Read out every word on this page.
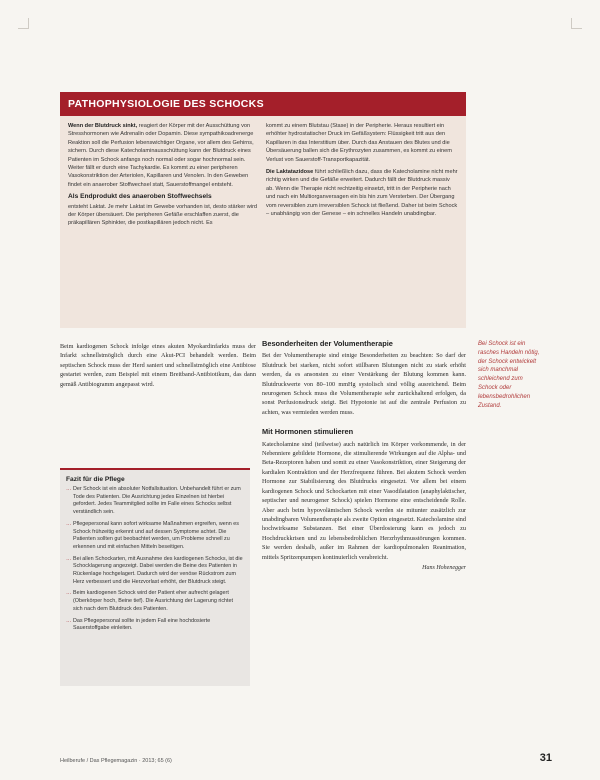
PATHOPHYSIOLOGIE DES SCHOCKS

Wenn der Blutdruck sinkt, reagiert der Körper mit der Ausschüttung von Stresshormonen wie Adrenalin oder Dopamin. Diese sympathikoadrenerge Reaktion soll die Perfusion lebenswichtiger Organe, vor allem des Gehirns, sichern. Durch diese Katecholaminausschüttung kann der Blutdruck eines Patienten im Schock anfangs noch normal oder sogar hochnormal sein. Weiter fällt er durch eine Tachykardie. Es kommt zu einer peripheren Vasokonstriktion der Arteriolen, Kapillaren und Venolen. In den Geweben findet ein anaerober Stoffwechsel statt, Sauerstoffmangel entsteht.

Als Endprodukt des anaeroben Stoffwechsels

entsteht Laktat. Je mehr Laktat im Gewebe vorhanden ist, desto stärker wird der Körper übersäuert. Die peripheren Gefäße erschlaffen zuerst, die präkapillären Sphinkter, die postkapillären jedoch nicht. Es

kommt zu einem Blutstau (Stase) in der Peripherie. Heraus resultiert ein erhöhter hydrostatischer Druck im Gefäßsystem: Flüssigkeit tritt aus den Kapillaren in das Interstitium über. Durch das Anstauen des Blutes und die Übersäuerung ballen sich die Erythrozyten zusammen, es kommt zu einem Verlust von Sauerstoff-Transportkapazität.

Die Laktatazidose führt schließlich dazu, dass die Katecholamine nicht mehr richtig wirken und die Gefäße erweitert. Dadurch fällt der Blutdruck massiv ab. Wenn die Therapie nicht rechtzeitig einsetzt, tritt in der Peripherie nach und nach ein Multiorganversagen ein bis hin zum Versterben. Der Übergang vom reversiblen zum irreversiblen Schock ist fließend. Daher ist beim Schock – unabhängig von der Genese – ein schnelles Handeln unabdingbar.

Beim kardiogenen Schock infolge eines akuten Myokardinfarkts muss der Infarkt schnellstmöglich durch eine Akut-PCI behandelt werden. Beim septischen Schock muss der Herd saniert und schnellstmöglich eine Antibiose gestartet werden, zum Beispiel mit einem Breitband-Antibiotikum, das dann gemäß Antibiogramm angepasst wird.

Besonderheiten der Volumentherapie

Bei der Volumentherapie sind einige Besonderheiten zu beachten: So darf der Blutdruck bei starken, nicht sofort stillbaren Blutungen nicht zu stark erhöht werden, da es ansonsten zu einer Verstärkung der Blutung kommen kann. Blutdruckwerte von 80–100 mmHg systolisch sind völlig ausreichend. Beim neurogenen Schock muss die Volumentherapie sehr zurückhaltend erfolgen, da sonst Perfusionsdruck steigt. Bei Hypotonie ist auf die zentrale Perfusion zu achten, was vermieden werden muss.

Mit Hormonen stimulieren

Katecholamine sind (teilweise) auch natürlich im Körper vorkommende, in der Nebenniere gebildete Hormone, die stimulierende Wirkungen auf die Alpha- und Beta-Rezeptoren haben und somit zu einer Vasokonstriktion, einer Steigerung der kardialen Kontraktion und der Herzfrequenz führen. Bei akutem Schock werden Hormone zur Stabilisierung des Blutdrucks eingesetzt. Vor allem bei einem kardiogenen Schock und Schockarten mit einer Vasodilatation (anaphylaktischer, septischer und neurogener Schock) spielen Hormone eine entscheidende Rolle. Aber auch beim hypovolämischen Schock werden sie mitunter zusätzlich zur unabdingbaren Volumentherapie als zweite Option eingesetzt. Katecholamine sind hochwirksame Substanzen. Bei einer Überdosierung kann es jedoch zu Hochdruckkrisen und zu lebensbedrohlichen Herzrhythmusstörungen kommen. Sie werden deshalb, außer im Rahmen der kardiopulmonalen Reanimation, mittels Spritzenpumpen kontinuierlich verabreicht.

Hans Hohenegger
Bei Schock ist ein rasches Handeln nötig, der Schock entwickelt sich manchmal schleichend zum Schock oder lebensbedrohlichen Zustand.
Fazit für die Pflege
… Der Schock ist ein absoluter Notfallsituation. Unbehandelt führt er zum Tode des Patienten. Die Ausrichtung jedes Einzelnen ist hierbei gefordert. Jedes Teammitglied sollte im Falle eines Schocks selbst verständlich sein.
… Pflegepersonal kann sofort wirksame Maßnahmen ergreifen, wenn es Schock frühzeitig erkennt und auf dessen Symptome achtet. Die Patienten sollten gut beobachtet werden, um Probleme schnell zu erkennen und mit einfachen Mitteln beseitigen.
… Bei allen Schockarten, mit Ausnahme des kardiogenen Schocks, ist die Schocklagerung angezeigt. Dabei werden die Beine des Patienten in Rückenlage hochgelagert. Dadurch wird der venöse Rückstrom zum Herz verbessert und die Herzvorlast erhöht, der Blutdruck steigt.
… Beim kardiogenen Schock wird der Patient eher aufrecht gelagert (Oberkörper hoch, Beine tief). Die Ausrichtung der Lagerung richtet sich nach dem Blutdruck des Patienten.
… Das Pflegepersonal sollte in jedem Fall eine hochdosierte Sauerstoffgabe einleiten.
Heilberufe / Das Pflegemagazin · 2013; 65 (6)	31
